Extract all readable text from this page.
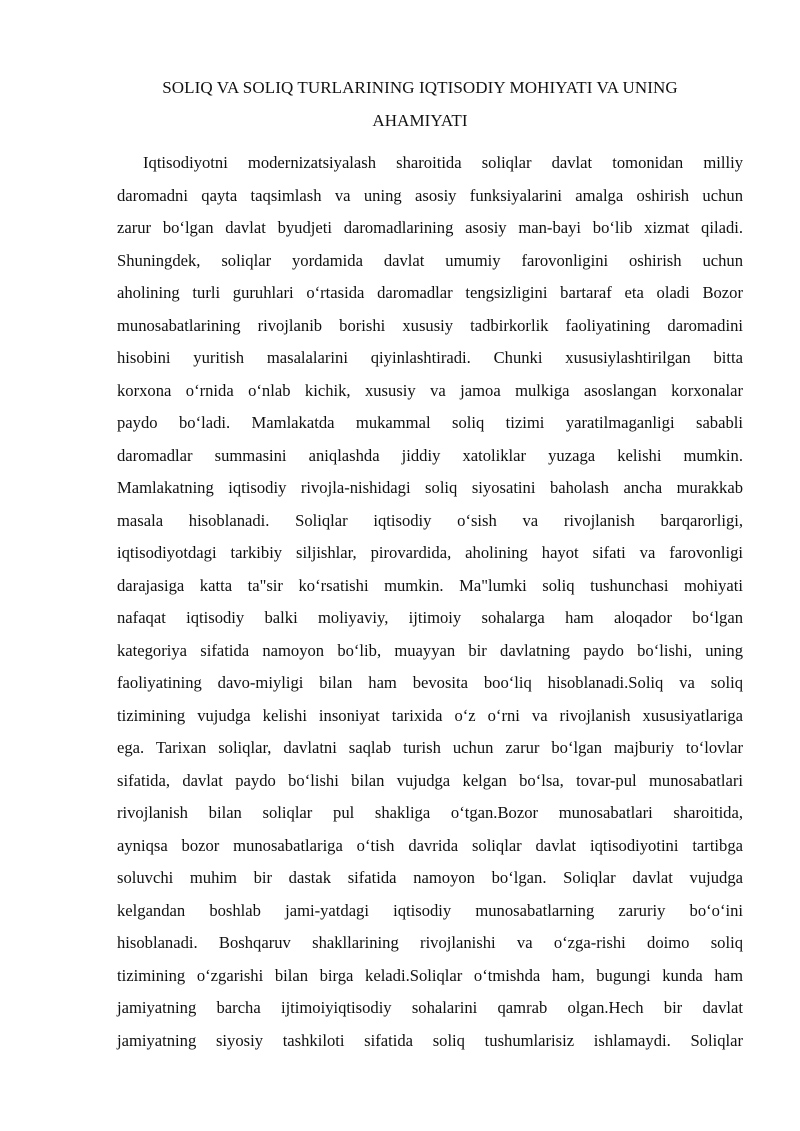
SOLIQ VA SOLIQ TURLARINING IQTISODIY MOHIYATI VA UNING
AHAMIYATI
Iqtisodiyotni modernizatsiyalash sharoitida soliqlar davlat tomonidan milliy
daromadni qayta taqsimlash va uning asosiy funksiyalarini amalga oshirish uchun
zarur bo‘lgan davlat byudjeti daromadlarining asosiy man-bayi bo‘lib xizmat qiladi.
Shuningdek, soliqlar yordamida davlat umumiy farovonligini oshirish uchun
aholining turli guruhlari o‘rtasida daromadlar tengsizligini bartaraf eta oladi Bozor
munosabatlarining rivojlanib borishi xususiy tadbirkorlik faoliyatining daromadini
hisobini yuritish masalalarini qiyinlashtiradi. Chunki xususiylashtirilgan bitta
korxona o‘rnida o‘nlab kichik, xususiy va jamoa mulkiga asoslangan korxonalar
paydo bo‘ladi. Mamlakatda mukammal soliq tizimi yaratilmaganligi sababli
daromadlar summasini aniqlashda jiddiy xatoliklar yuzaga kelishi mumkin.
Mamlakatning iqtisodiy rivojla-nishidagi soliq siyosatini baholash ancha murakkab
masala hisoblanadi. Soliqlar iqtisodiy o‘sish va rivojlanish barqarorligi,
iqtisodiyotdagi tarkibiy siljishlar, pirovardida, aholining hayot sifati va farovonligi
darajasiga katta ta"sir ko‘rsatishi mumkin. Ma"lumki soliq tushunchasi mohiyati
nafaqat iqtisodiy balki moliyaviy, ijtimoiy sohalarga ham aloqador bo‘lgan
kategoriya sifatida namoyon bo‘lib, muayyan bir davlatning paydo bo‘lishi, uning
faoliyatining davo-miyligi bilan ham bevosita boo‘liq hisoblanadi.Soliq va soliq
tizimining vujudga kelishi insoniyat tarixida o‘z o‘rni va rivojlanish xususiyatlariga
ega. Tarixan soliqlar, davlatni saqlab turish uchun zarur bo‘lgan majburiy to‘lovlar
sifatida, davlat paydo bo‘lishi bilan vujudga kelgan bo‘lsa, tovar-pul munosabatlari
rivojlanish bilan soliqlar pul shakliga o‘tgan.Bozor munosabatlari sharoitida,
ayniqsa bozor munosabatlariga o‘tish davrida soliqlar davlat iqtisodiyotini tartibga
soluvchi muhim bir dastak sifatida namoyon bo‘lgan. Soliqlar davlat vujudga
kelgandan boshlab jami-yatdagi iqtisodiy munosabatlarning zaruriy bo‘o‘ini
hisoblanadi. Boshqaruv shakllarining rivojlanishi va o‘zga-rishi doimo soliq
tizimining o‘zgarishi bilan birga keladi.Soliqlar o‘tmishda ham, bugungi kunda ham
jamiyatning barcha ijtimoiyiqtisodiy sohalarini qamrab olgan.Hech bir davlat
jamiyatning siyosiy tashkiloti sifatida soliq tushumlarisiz ishlamaydi. Soliqlar
